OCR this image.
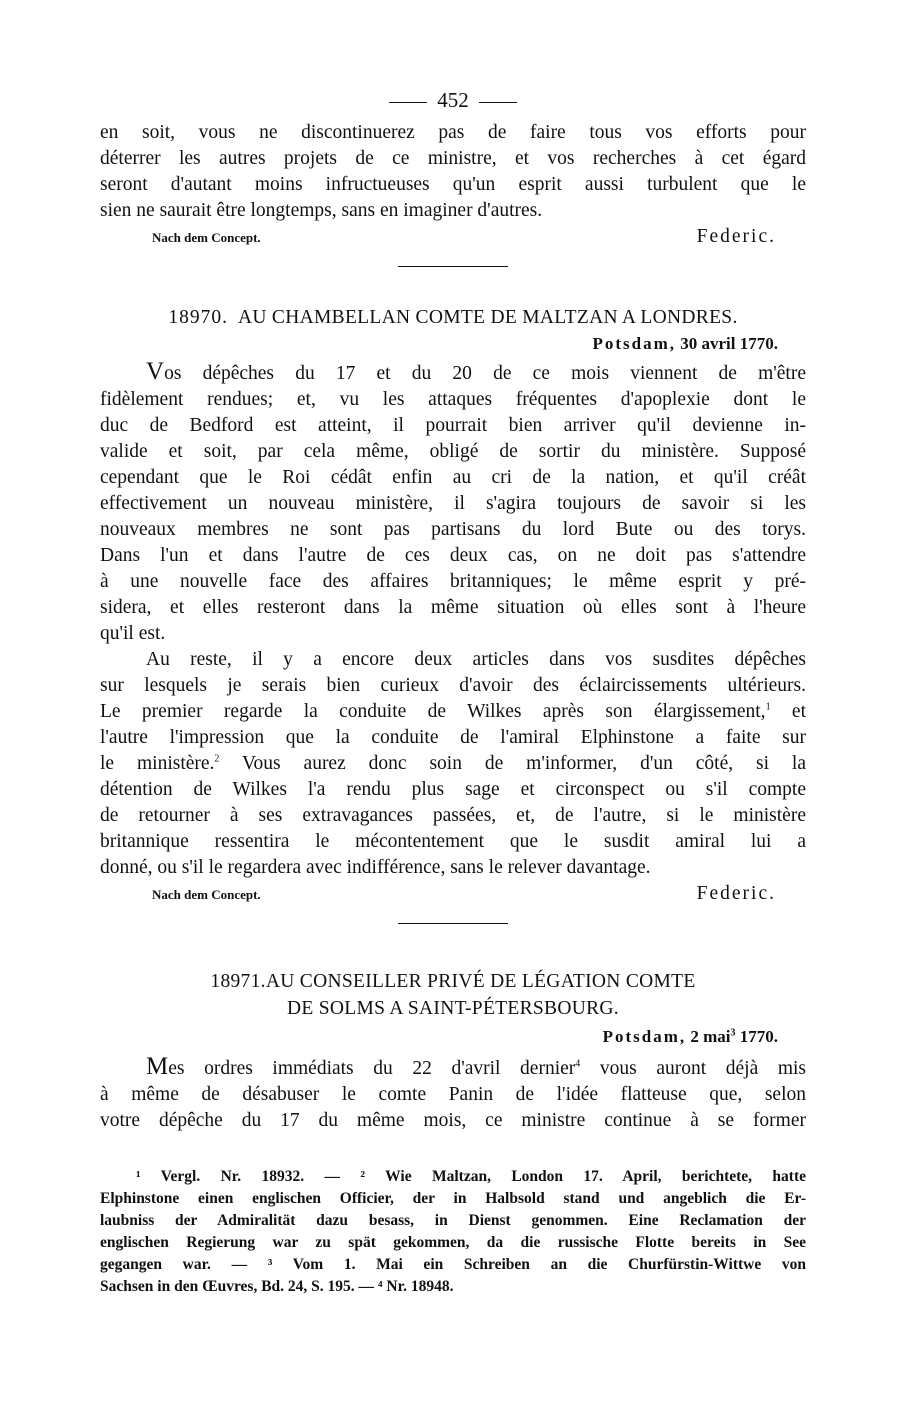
452

en soit, vous ne discontinuerez pas de faire tous vos efforts pour

déterrer les autres projets de ce ministre, et vos recherches à cet égard

seront d'autant moins infructueuses qu'un esprit aussi turbulent que le

sien ne saurait être longtemps, sans en imaginer d'autres.

Nach dem Concept.	Federic.
18970. AU CHAMBELLAN COMTE DE MALTZAN A LONDRES.
Potsdam, 30 avril 1770.

Vos dépêches du 17 et du 20 de ce mois viennent de m'être

fidèlement rendues; et, vu les attaques fréquentes d'apoplexie dont le

duc de Bedford est atteint, il pourrait bien arriver qu'il devienne in-

valide et soit, par cela même, obligé de sortir du ministère. Supposé

cependant que le Roi cédât enfin au cri de la nation, et qu'il créât

effectivement un nouveau ministère, il s'agira toujours de savoir si les

nouveaux membres ne sont pas partisans du lord Bute ou des torys.

Dans l'un et dans l'autre de ces deux cas, on ne doit pas s'attendre

à une nouvelle face des affaires britanniques; le même esprit y pré-

sidera, et elles resteront dans la même situation où elles sont à l'heure

qu'il est.

Au reste, il y a encore deux articles dans vos susdites dépêches

sur lesquels je serais bien curieux d'avoir des éclaircissements ultérieurs.

Le premier regarde la conduite de Wilkes après son élargissement,$^1$ et

l'autre l'impression que la conduite de l'amiral Elphinstone a faite sur

le ministère.$^2$ Vous aurez donc soin de m'informer, d'un côté, si la

détention de Wilkes l'a rendu plus sage et circonspect ou s'il compte

de retourner à ses extravagances passées, et, de l'autre, si le ministère

britannique ressentira le mécontentement que le susdit amiral lui a

donné, ou s'il le regardera avec indifférence, sans le relever davantage.

Nach dem Concept.	Federic.
18971.AU CONSEILLER PRIVÉ DE LÉGATION COMTE
DE SOLMS A SAINT-PÉTERSBOURG.
Potsdam, 2 mai$^3$ 1770.

Mes ordres immédiats du 22 d'avril dernier$^4$ vous auront déjà mis

à même de désabuser le comte Panin de l'idée flatteuse que, selon

votre dépêche du 17 du même mois, ce ministre continue à se former

¹ Vergl. Nr. 18932. — ² Wie Maltzan, London 17. April, berichtete, hatte

Elphinstone einen englischen Officier, der in Halbsold stand und angeblich die Er-

laubniss der Admiralität dazu besass, in Dienst genommen. Eine Reclamation der

englischen Regierung war zu spät gekommen, da die russische Flotte bereits in See

gegangen war. — ³ Vom 1. Mai ein Schreiben an die Churfürstin-Wittwe von

Sachsen in den Œuvres, Bd. 24, S. 195. — ⁴ Nr. 18948.
